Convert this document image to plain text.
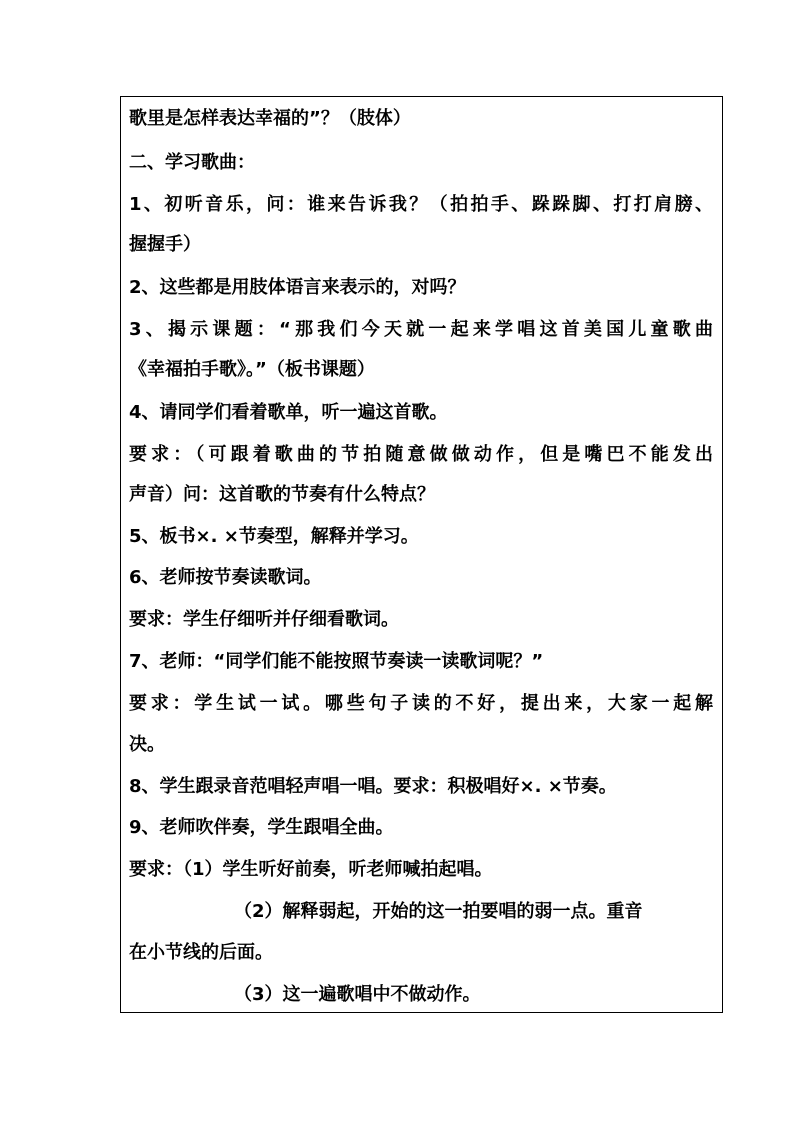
歌里是怎样表达幸福的”？（肢体）
二、学习歌曲：
1、初听音乐，问：谁来告诉我？（拍拍手、跺跺脚、打打肩膀、
握握手）
2、这些都是用肢体语言来表示的，对吗？
3、揭示课题：“那我们今天就一起来学唱这首美国儿童歌曲
《幸福拍手歌》。”（板书课题）
4、请同学们看着歌单，听一遍这首歌。
要求：（可跟着歌曲的节拍随意做做动作，但是嘴巴不能发出
声音）问：这首歌的节奏有什么特点？
5、板书×. ×节奏型，解释并学习。
6、老师按节奏读歌词。
要求：学生仔细听并仔细看歌词。
7、老师：“同学们能不能按照节奏读一读歌词呢？”
要求：学生试一试。哪些句子读的不好，提出来，大家一起解
决。
8、学生跟录音范唱轻声唱一唱。要求：积极唱好×. ×节奏。
9、老师吹伴奏，学生跟唱全曲。
要求：（1）学生听好前奏，听老师喊拍起唱。
（2）解释弱起，开始的这一拍要唱的弱一点。重音
在小节线的后面。
（3）这一遍歌唱中不做动作。
